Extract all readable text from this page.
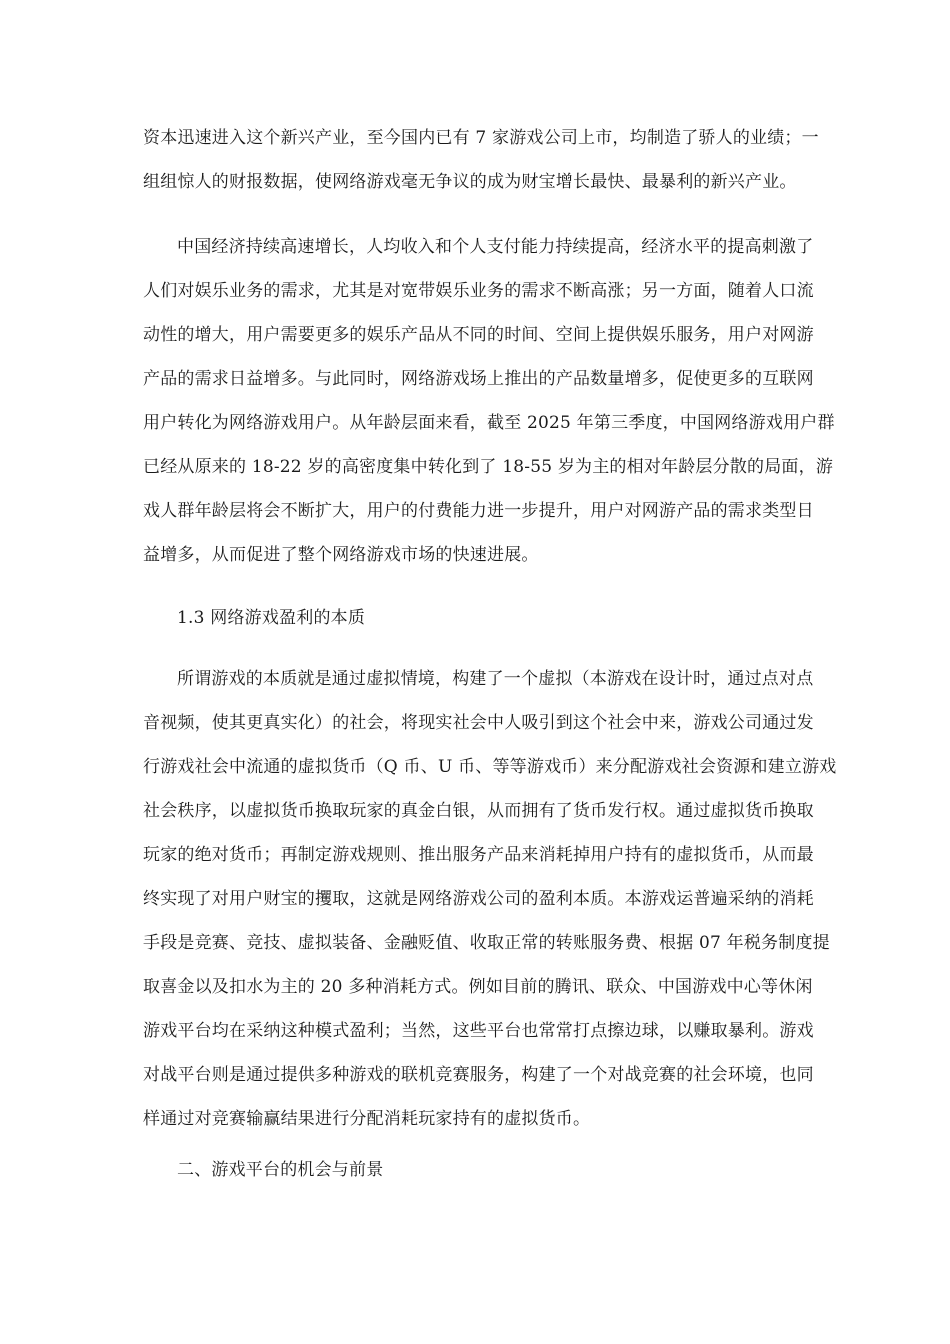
资本迅速进入这个新兴产业，至今国内已有 7 家游戏公司上市，均制造了骄人的业绩；一
组组惊人的财报数据，使网络游戏毫无争议的成为财宝增长最快、最暴利的新兴产业。
中国经济持续高速增长，人均收入和个人支付能力持续提高，经济水平的提高刺激了
人们对娱乐业务的需求，尤其是对宽带娱乐业务的需求不断高涨；另一方面，随着人口流
动性的增大，用户需要更多的娱乐产品从不同的时间、空间上提供娱乐服务，用户对网游
产品的需求日益增多。与此同时，网络游戏场上推出的产品数量增多，促使更多的互联网
用户转化为网络游戏用户。从年龄层面来看，截至 2025 年第三季度，中国网络游戏用户群
已经从原来的 18-22 岁的高密度集中转化到了 18-55 岁为主的相对年龄层分散的局面，游
戏人群年龄层将会不断扩大，用户的付费能力进一步提升，用户对网游产品的需求类型日
益增多，从而促进了整个网络游戏市场的快速进展。
1.3 网络游戏盈利的本质
所谓游戏的本质就是通过虚拟情境，构建了一个虚拟（本游戏在设计时，通过点对点
音视频，使其更真实化）的社会，将现实社会中人吸引到这个社会中来，游戏公司通过发
行游戏社会中流通的虚拟货币（Q 币、U 币、等等游戏币）来分配游戏社会资源和建立游戏
社会秩序，以虚拟货币换取玩家的真金白银，从而拥有了货币发行权。通过虚拟货币换取
玩家的绝对货币；再制定游戏规则、推出服务产品来消耗掉用户持有的虚拟货币，从而最
终实现了对用户财宝的攫取，这就是网络游戏公司的盈利本质。本游戏运普遍采纳的消耗
手段是竞赛、竞技、虚拟装备、金融贬值、收取正常的转账服务费、根据 07 年税务制度提
取喜金以及扣水为主的 20 多种消耗方式。例如目前的腾讯、联众、中国游戏中心等休闲
游戏平台均在采纳这种模式盈利；当然，这些平台也常常打点擦边球，以赚取暴利。游戏
对战平台则是通过提供多种游戏的联机竞赛服务，构建了一个对战竞赛的社会环境，也同
样通过对竞赛输赢结果进行分配消耗玩家持有的虚拟货币。
二、游戏平台的机会与前景
